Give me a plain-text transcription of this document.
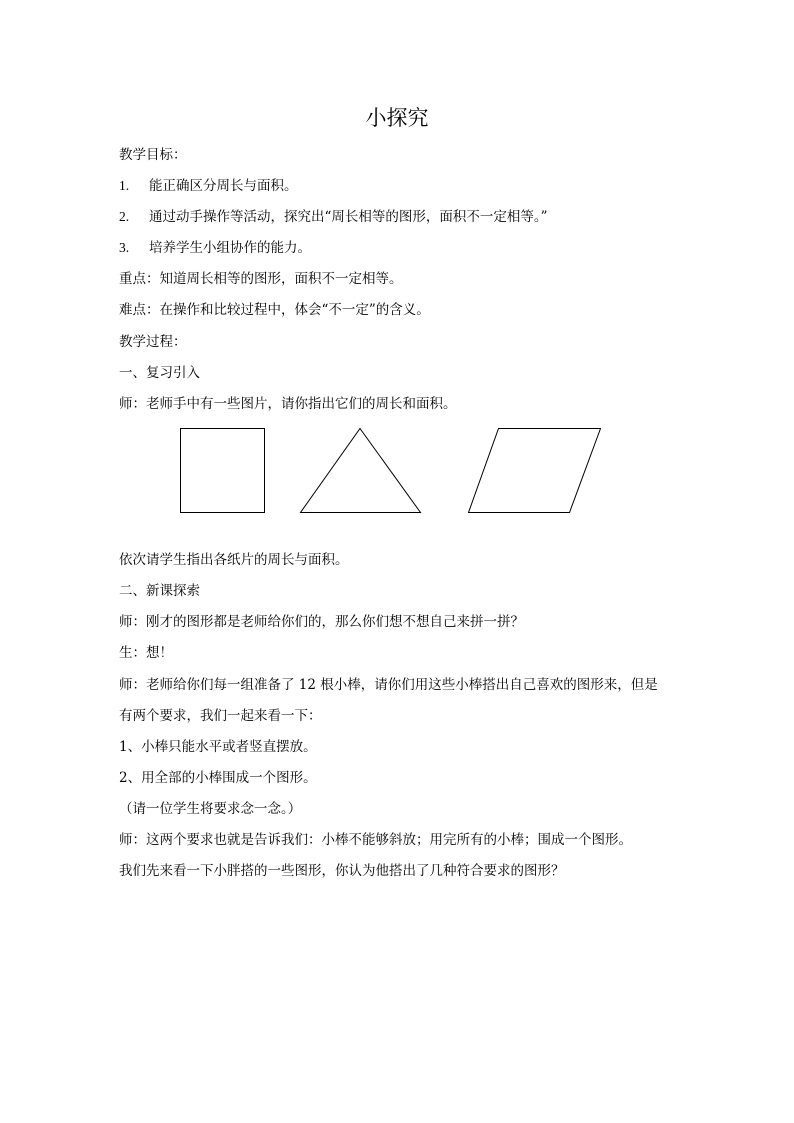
小探究
教学目标：
1. 能正确区分周长与面积。
2. 通过动手操作等活动，探究出“周长相等的图形，面积不一定相等。”
3. 培养学生小组协作的能力。
重点：知道周长相等的图形，面积不一定相等。
难点：在操作和比较过程中，体会“不一定”的含义。
教学过程：
一、复习引入
师：老师手中有一些图片，请你指出它们的周长和面积。
依次请学生指出各纸片的周长与面积。
二、新课探索
师：刚才的图形都是老师给你们的，那么你们想不想自己来拼一拼？
生：想！
师：老师给你们每一组准备了 12 根小棒，请你们用这些小棒搭出自己喜欢的图形来，但是
有两个要求，我们一起来看一下：
1、小棒只能水平或者竖直摆放。
2、用全部的小棒围成一个图形。
（请一位学生将要求念一念。）
师：这两个要求也就是告诉我们：小棒不能够斜放；用完所有的小棒；围成一个图形。
我们先来看一下小胖搭的一些图形，你认为他搭出了几种符合要求的图形？
